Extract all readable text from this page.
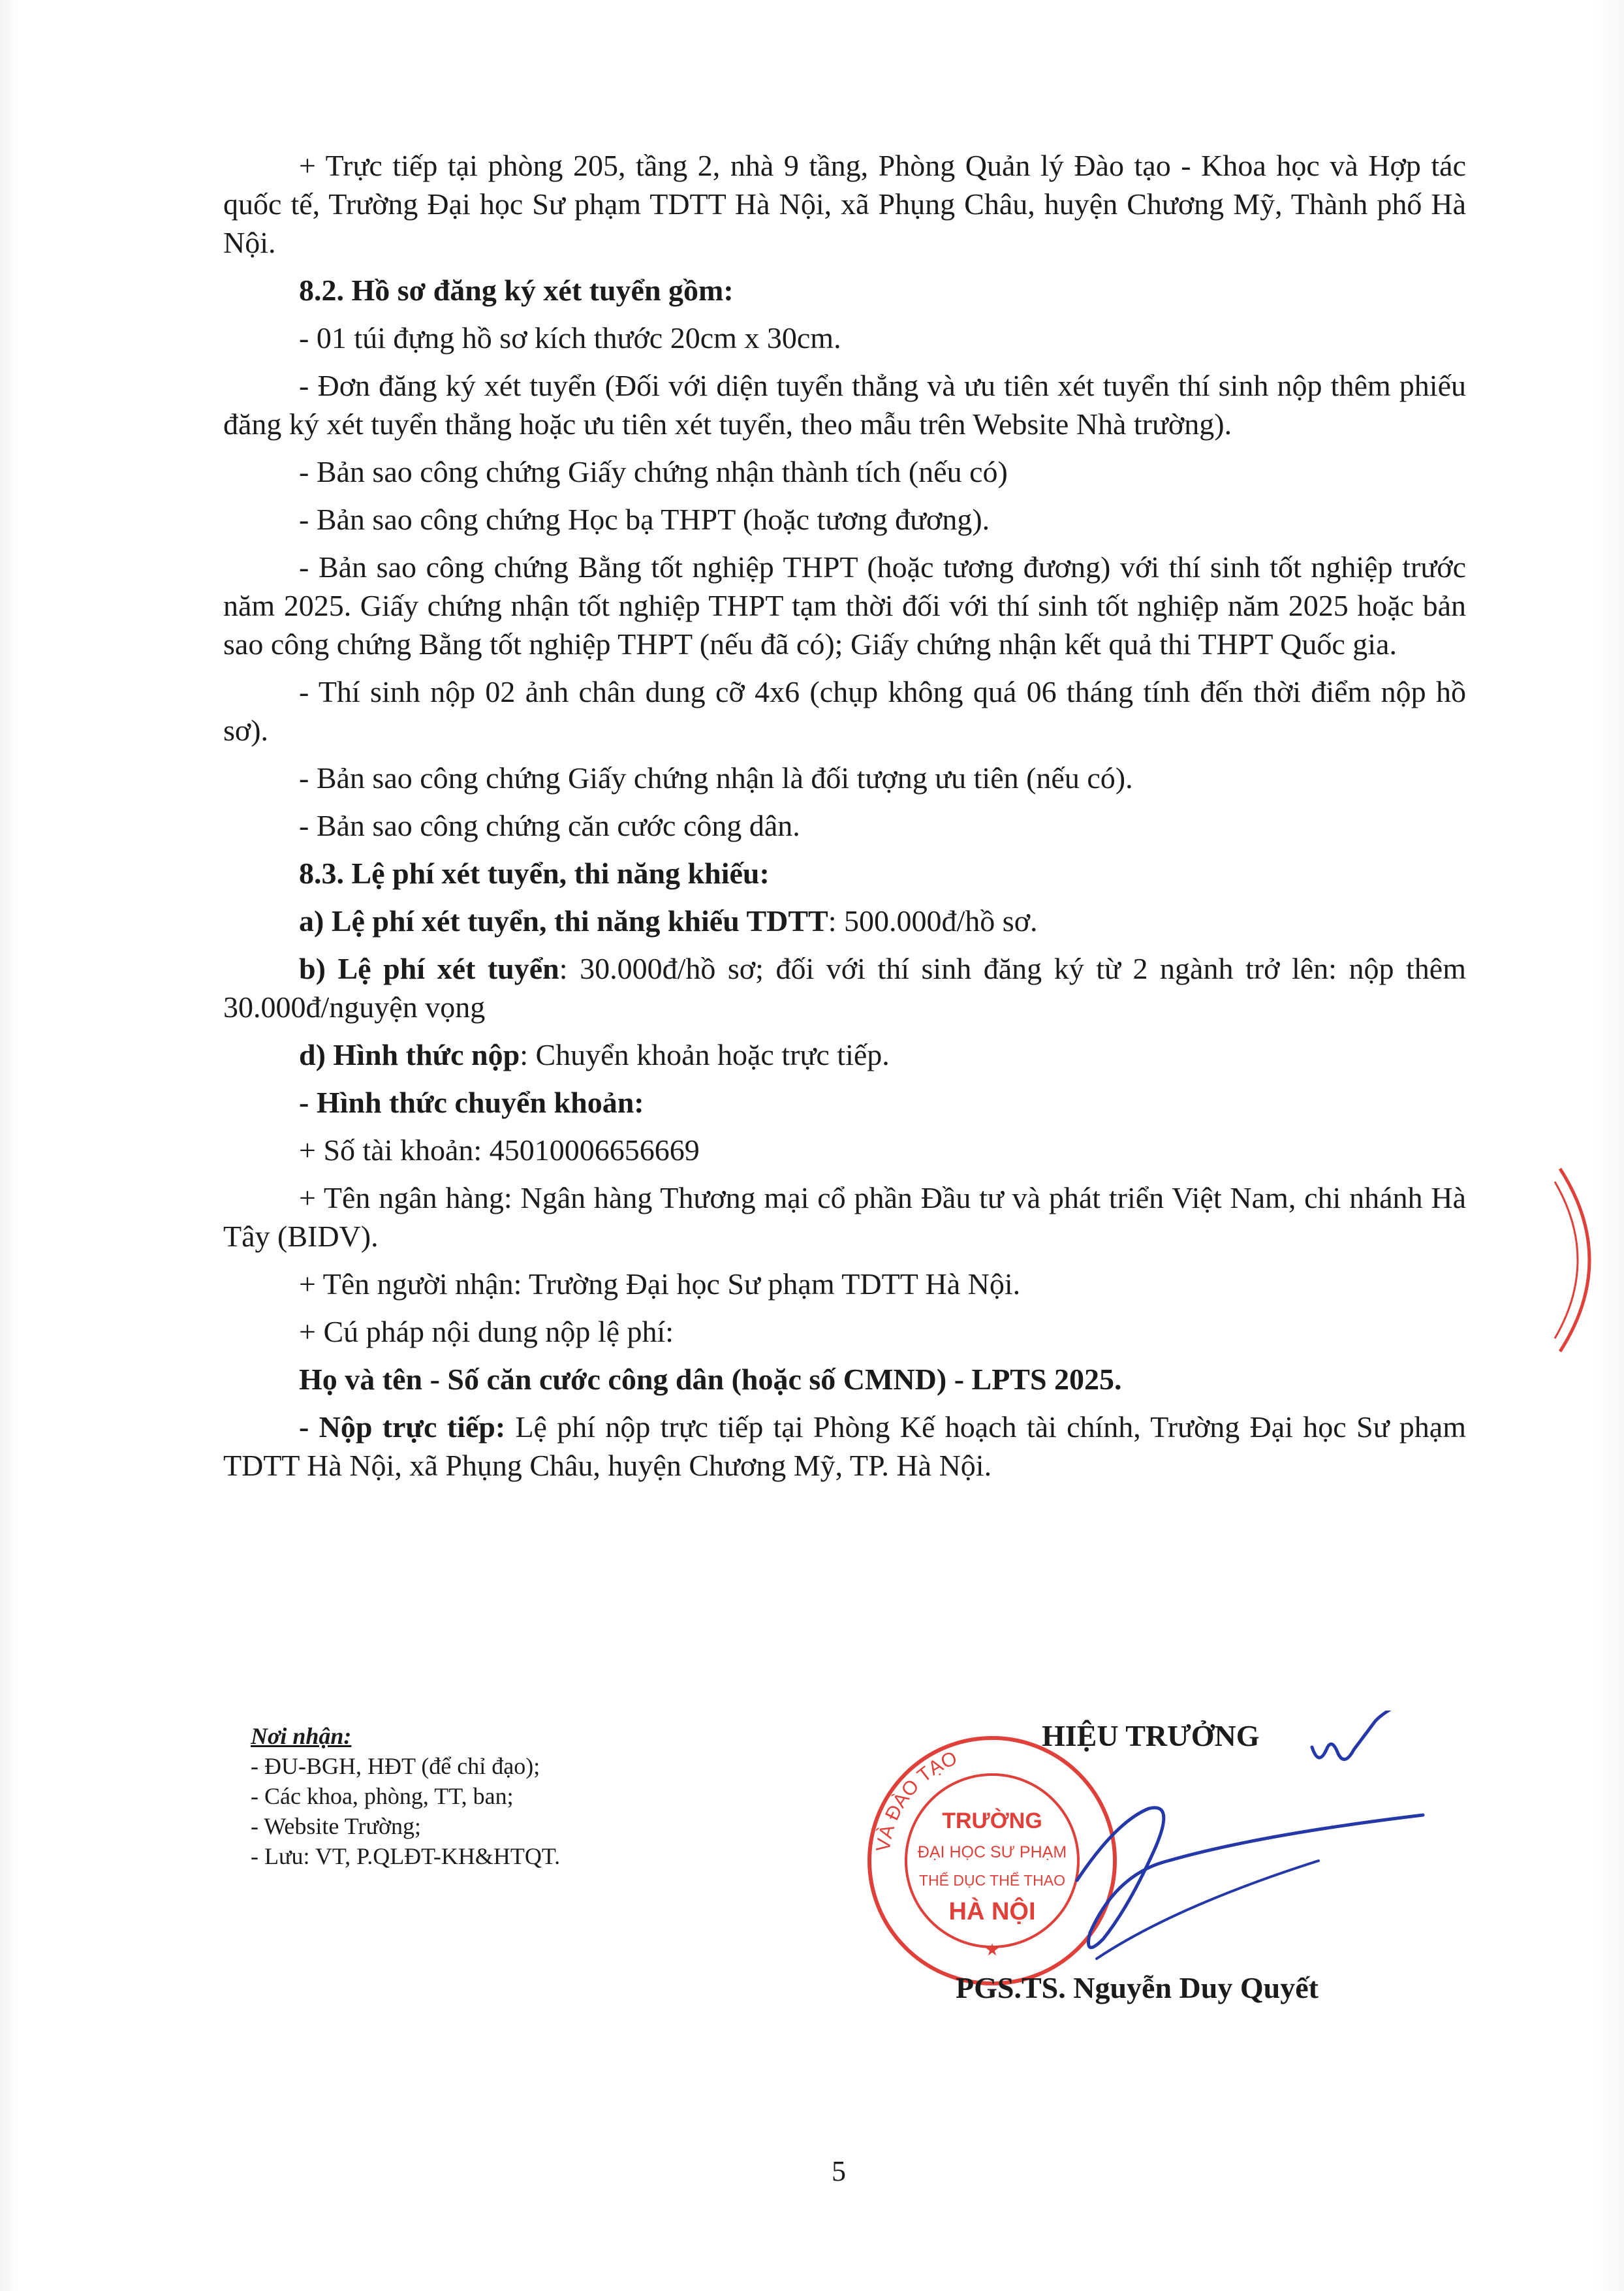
+ Trực tiếp tại phòng 205, tầng 2, nhà 9 tầng, Phòng Quản lý Đào tạo - Khoa học và Hợp tác quốc tế, Trường Đại học Sư phạm TDTT Hà Nội, xã Phụng Châu, huyện Chương Mỹ, Thành phố Hà Nội.

8.2. Hồ sơ đăng ký xét tuyển gồm:

- 01 túi đựng hồ sơ kích thước 20cm x 30cm.

- Đơn đăng ký xét tuyển (Đối với diện tuyển thẳng và ưu tiên xét tuyển thí sinh nộp thêm phiếu đăng ký xét tuyển thẳng hoặc ưu tiên xét tuyển, theo mẫu trên Website Nhà trường).

- Bản sao công chứng Giấy chứng nhận thành tích (nếu có)

- Bản sao công chứng Học bạ THPT (hoặc tương đương).

- Bản sao công chứng Bằng tốt nghiệp THPT (hoặc tương đương) với thí sinh tốt nghiệp trước năm 2025. Giấy chứng nhận tốt nghiệp THPT tạm thời đối với thí sinh tốt nghiệp năm 2025 hoặc bản sao công chứng Bằng tốt nghiệp THPT (nếu đã có); Giấy chứng nhận kết quả thi THPT Quốc gia.

- Thí sinh nộp 02 ảnh chân dung cỡ 4x6 (chụp không quá 06 tháng tính đến thời điểm nộp hồ sơ).

- Bản sao công chứng Giấy chứng nhận là đối tượng ưu tiên (nếu có).

- Bản sao công chứng căn cước công dân.

8.3. Lệ phí xét tuyển, thi năng khiếu:

a) Lệ phí xét tuyển, thi năng khiếu TDTT: 500.000đ/hồ sơ.

b) Lệ phí xét tuyển: 30.000đ/hồ sơ; đối với thí sinh đăng ký từ 2 ngành trở lên: nộp thêm 30.000đ/nguyện vọng

d) Hình thức nộp: Chuyển khoản hoặc trực tiếp.

- Hình thức chuyển khoản:

+ Số tài khoản: 45010006656669

+ Tên ngân hàng: Ngân hàng Thương mại cổ phần Đầu tư và phát triển Việt Nam, chi nhánh Hà Tây (BIDV).

+ Tên người nhận: Trường Đại học Sư phạm TDTT Hà Nội.

+ Cú pháp nội dung nộp lệ phí:

Họ và tên - Số căn cước công dân (hoặc số CMND) - LPTS 2025.

- Nộp trực tiếp: Lệ phí nộp trực tiếp tại Phòng Kế hoạch tài chính, Trường Đại học Sư phạm TDTT Hà Nội, xã Phụng Châu, huyện Chương Mỹ, TP. Hà Nội.

Nơi nhận:
- ĐU-BGH, HĐT (để chỉ đạo);
- Các khoa, phòng, TT, ban;
- Website Trường;
- Lưu: VT, P.QLĐT-KH&HTQT.	VÀ ĐÀO TẠO
TRƯỜNG
ĐẠI HỌC SƯ PHẠM
THỂ DỤC THỂ THAO
HÀ NỘI
★
HIỆU TRƯỞNG
PGS.TS. Nguyễn Duy Quyết
5
